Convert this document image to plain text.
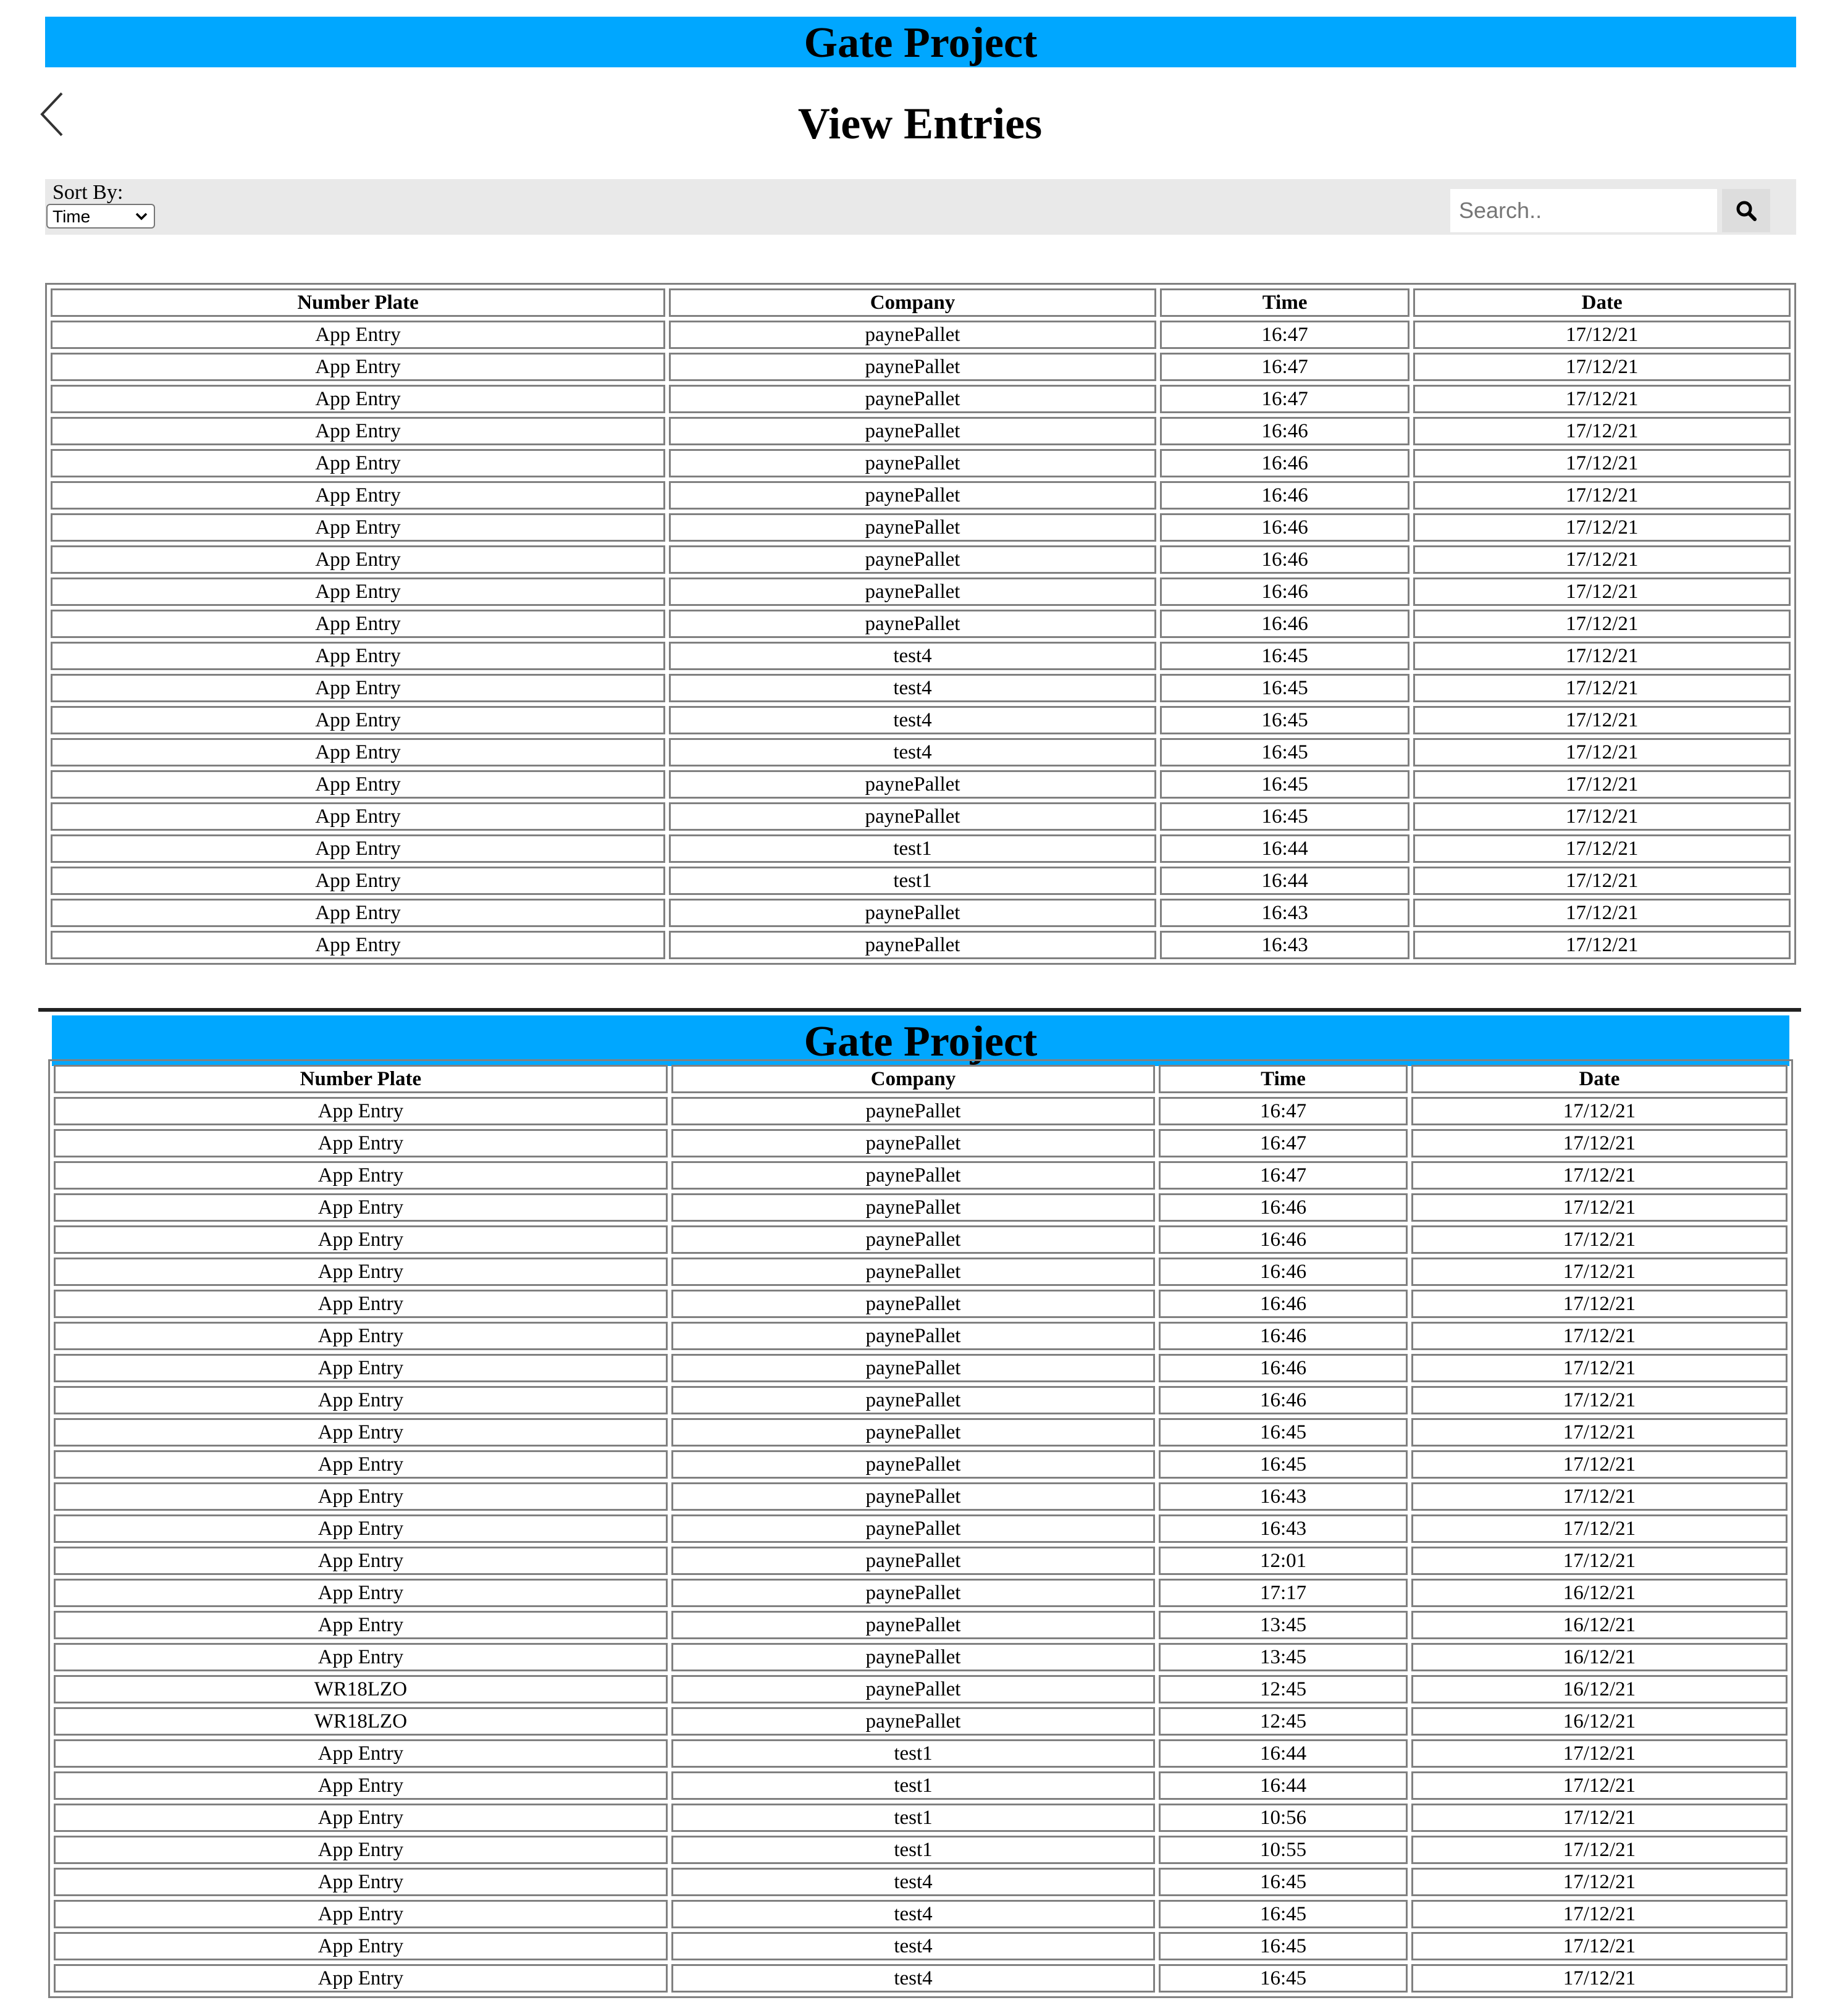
Gate Project
View Entries
Sort By:
Time
Search..
Number Plate	Company	Time	Date
App Entry	paynePallet	16:47	17/12/21
App Entry	paynePallet	16:47	17/12/21
App Entry	paynePallet	16:47	17/12/21
App Entry	paynePallet	16:46	17/12/21
App Entry	paynePallet	16:46	17/12/21
App Entry	paynePallet	16:46	17/12/21
App Entry	paynePallet	16:46	17/12/21
App Entry	paynePallet	16:46	17/12/21
App Entry	paynePallet	16:46	17/12/21
App Entry	paynePallet	16:46	17/12/21
App Entry	test4	16:45	17/12/21
App Entry	test4	16:45	17/12/21
App Entry	test4	16:45	17/12/21
App Entry	test4	16:45	17/12/21
App Entry	paynePallet	16:45	17/12/21
App Entry	paynePallet	16:45	17/12/21
App Entry	test1	16:44	17/12/21
App Entry	test1	16:44	17/12/21
App Entry	paynePallet	16:43	17/12/21
App Entry	paynePallet	16:43	17/12/21
Gate Project
Number Plate	Company	Time	Date
App Entry	paynePallet	16:47	17/12/21
App Entry	paynePallet	16:47	17/12/21
App Entry	paynePallet	16:47	17/12/21
App Entry	paynePallet	16:46	17/12/21
App Entry	paynePallet	16:46	17/12/21
App Entry	paynePallet	16:46	17/12/21
App Entry	paynePallet	16:46	17/12/21
App Entry	paynePallet	16:46	17/12/21
App Entry	paynePallet	16:46	17/12/21
App Entry	paynePallet	16:46	17/12/21
App Entry	paynePallet	16:45	17/12/21
App Entry	paynePallet	16:45	17/12/21
App Entry	paynePallet	16:43	17/12/21
App Entry	paynePallet	16:43	17/12/21
App Entry	paynePallet	12:01	17/12/21
App Entry	paynePallet	17:17	16/12/21
App Entry	paynePallet	13:45	16/12/21
App Entry	paynePallet	13:45	16/12/21
WR18LZO	paynePallet	12:45	16/12/21
WR18LZO	paynePallet	12:45	16/12/21
App Entry	test1	16:44	17/12/21
App Entry	test1	16:44	17/12/21
App Entry	test1	10:56	17/12/21
App Entry	test1	10:55	17/12/21
App Entry	test4	16:45	17/12/21
App Entry	test4	16:45	17/12/21
App Entry	test4	16:45	17/12/21
App Entry	test4	16:45	17/12/21
